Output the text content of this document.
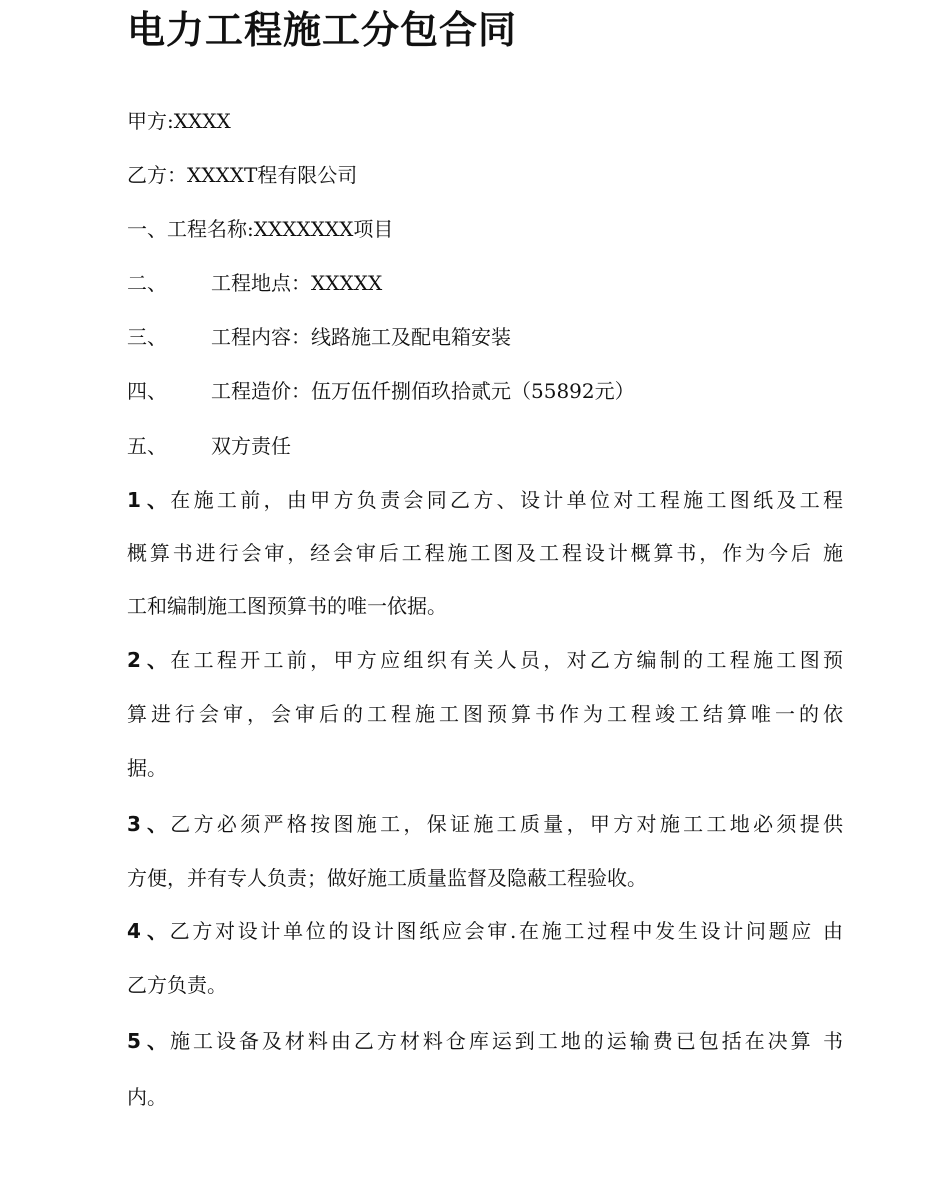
电力工程施工分包合同
甲方:XXXX
乙方：XXXXT程有限公司
一、工程名称:XXXXXXX项目
二、 工程地点：XXXXX
三、 工程内容：线路施工及配电箱安装
四、 工程造价：伍万伍仟捌佰玖拾贰元（55892元）
五、 双方责任
1、在施工前，由甲方负责会同乙方、设计单位对工程施工图纸及工程
概算书进行会审，经会审后工程施工图及工程设计概算书，作为今后 施
工和编制施工图预算书的唯一依据。
2、在工程开工前，甲方应组织有关人员，对乙方编制的工程施工图预
算进行会审，会审后的工程施工图预算书作为工程竣工结算唯一的依
据。
3、乙方必须严格按图施工，保证施工质量，甲方对施工工地必须提供
方便，并有专人负责；做好施工质量监督及隐蔽工程验收。
4、乙方对设计单位的设计图纸应会审.在施工过程中发生设计问题应 由
乙方负责。
5、施工设备及材料由乙方材料仓库运到工地的运输费已包括在决算 书
内。
